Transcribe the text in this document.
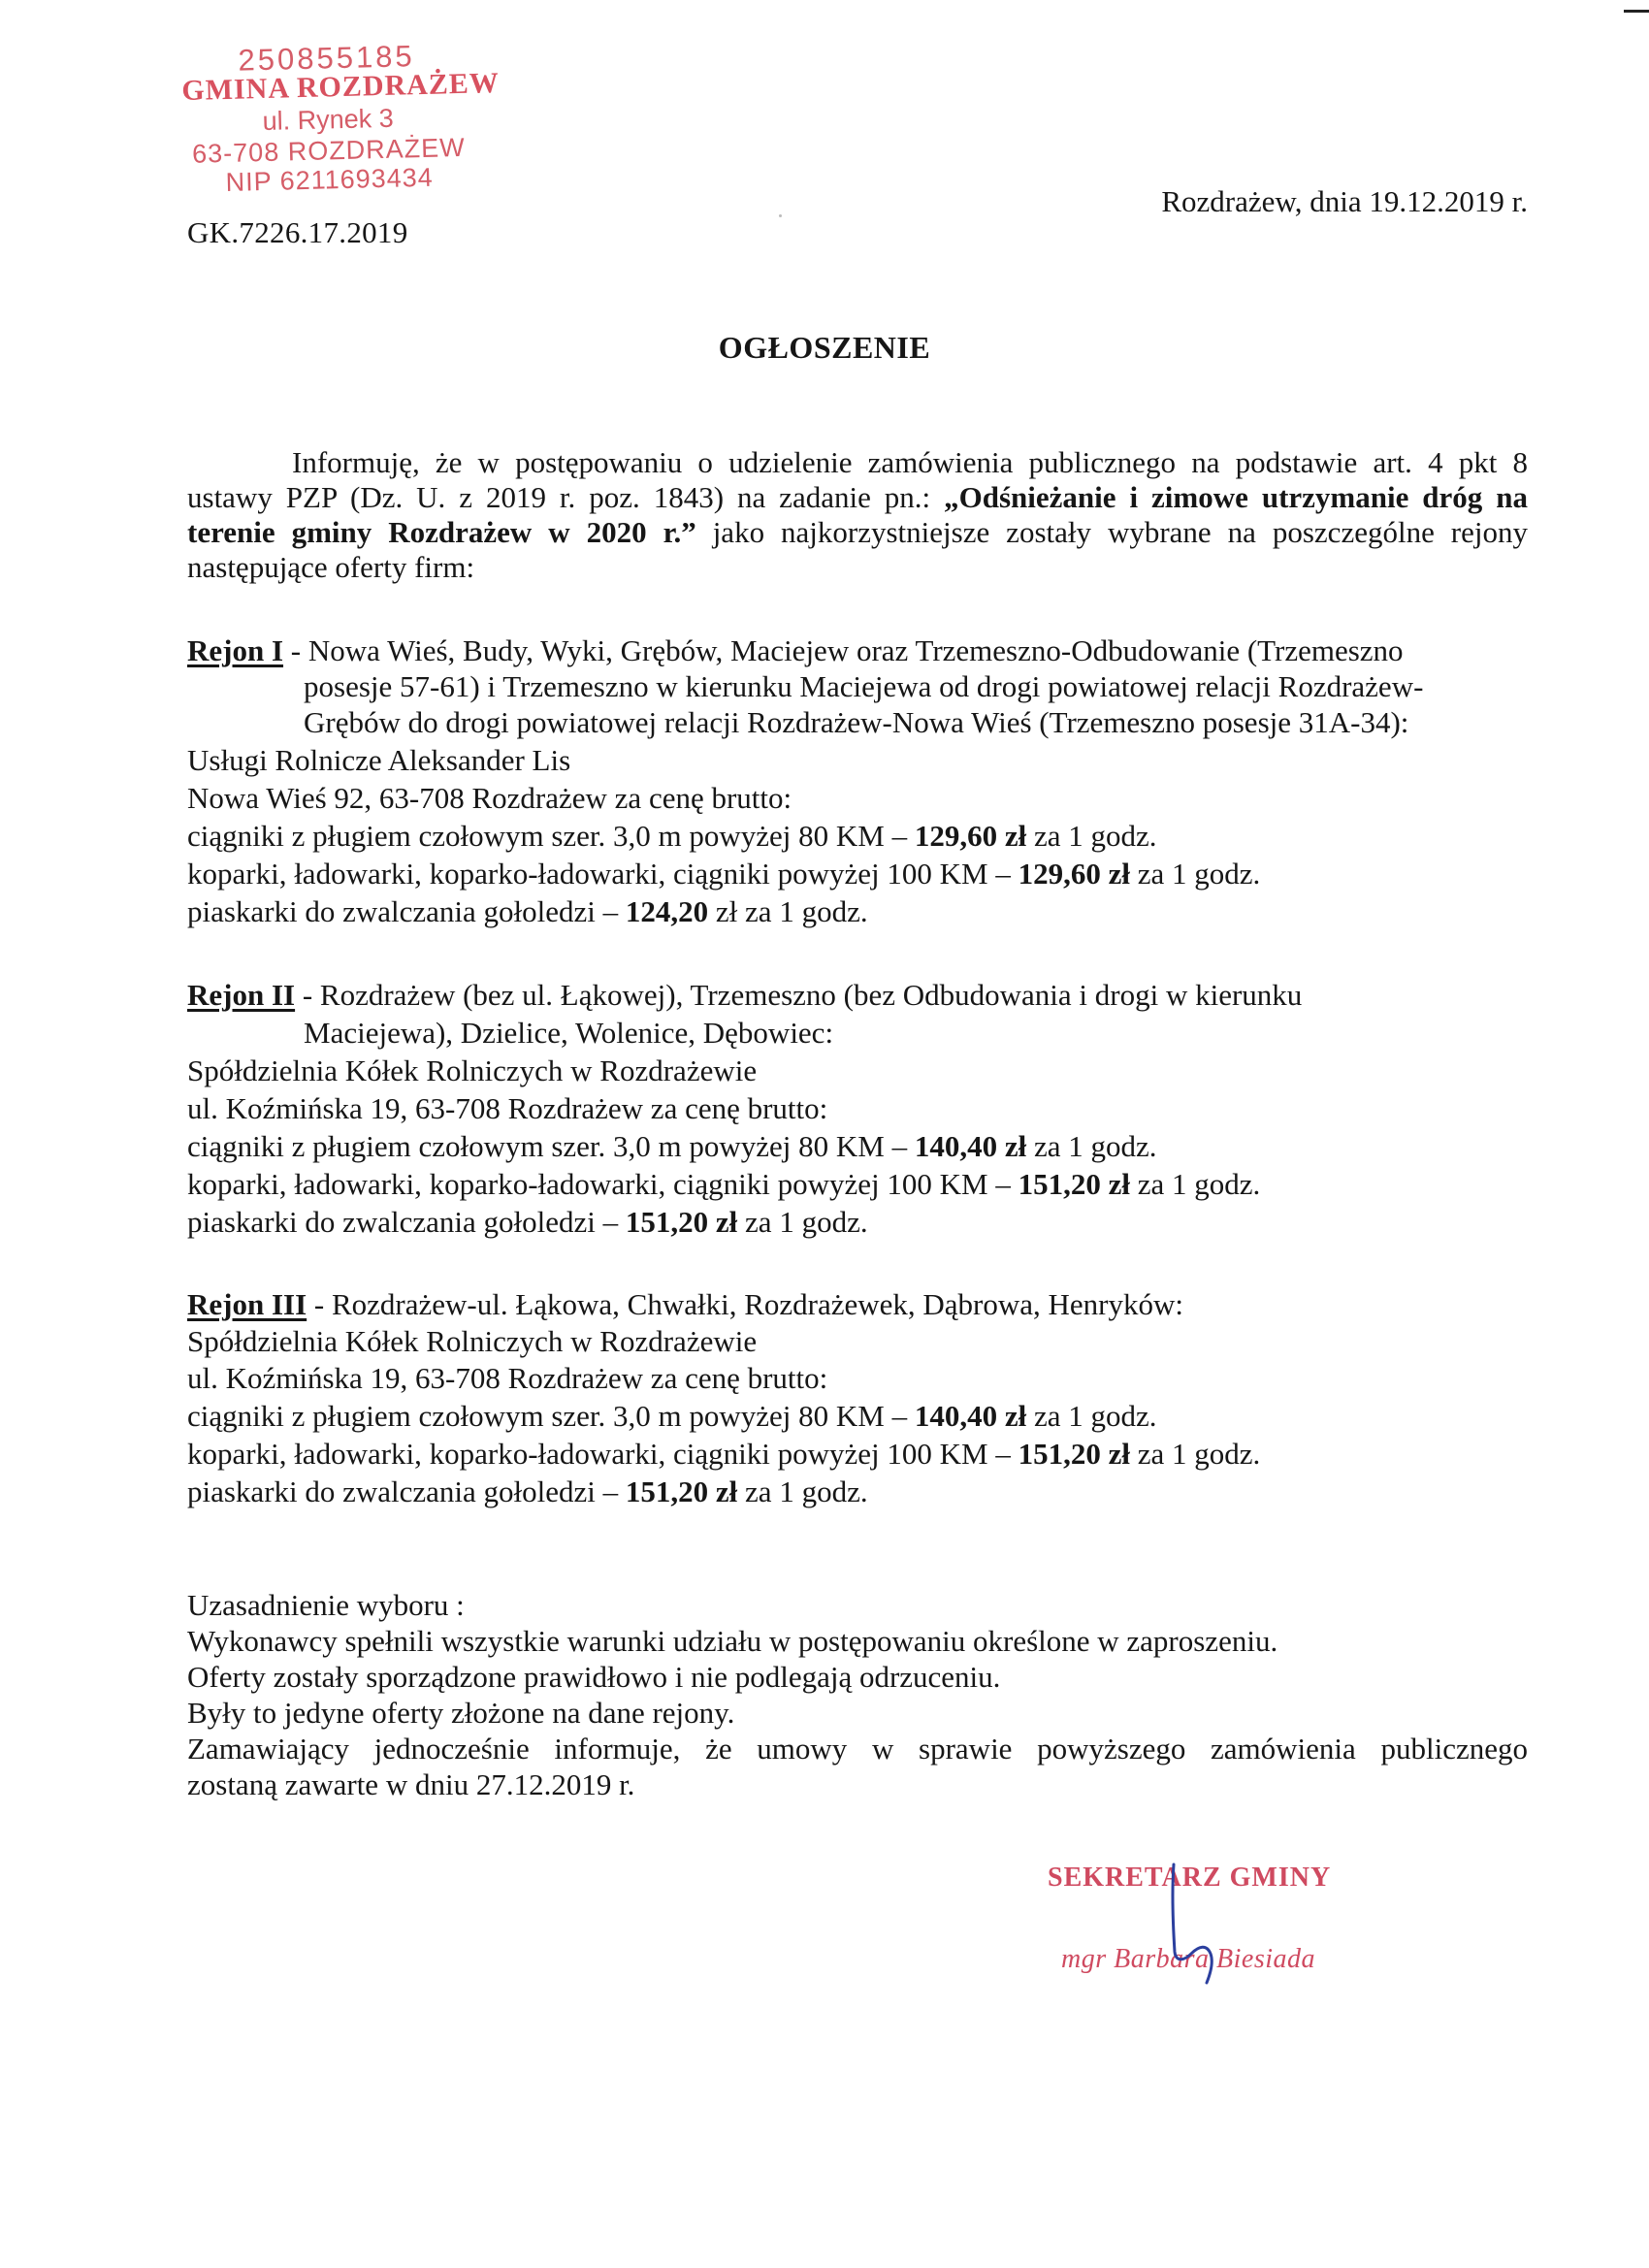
250855185
GMINA ROZDRAŻEW
ul. Rynek 3
63-708 ROZDRAŻEW
NIP 6211693434
Rozdrażew, dnia 19.12.2019 r.
GK.7226.17.2019
OGŁOSZENIE
Informuję, że w postępowaniu o udzielenie zamówienia publicznego na podstawie art. 4 pkt 8
ustawy PZP (Dz. U. z 2019 r. poz. 1843) na zadanie pn.: „Odśnieżanie i zimowe utrzymanie dróg na
terenie gminy Rozdrażew w 2020 r.” jako najkorzystniejsze zostały wybrane na poszczególne rejony
następujące oferty firm:
Rejon I - Nowa Wieś, Budy, Wyki, Grębów, Maciejew oraz Trzemeszno-Odbudowanie (Trzemeszno
posesje 57-61) i Trzemeszno w kierunku Maciejewa od drogi powiatowej relacji Rozdrażew-
Grębów do drogi powiatowej relacji Rozdrażew-Nowa Wieś (Trzemeszno posesje 31A-34):
Usługi Rolnicze Aleksander Lis
Nowa Wieś 92, 63-708 Rozdrażew za cenę brutto:
ciągniki z pługiem czołowym szer. 3,0 m powyżej 80 KM – 129,60 zł za 1 godz.
koparki, ładowarki, koparko-ładowarki, ciągniki powyżej 100 KM – 129,60 zł za 1 godz.
piaskarki do zwalczania gołoledzi – 124,20 zł za 1 godz.
Rejon II - Rozdrażew (bez ul. Łąkowej), Trzemeszno (bez Odbudowania i drogi w kierunku
Maciejewa), Dzielice, Wolenice, Dębowiec:
Spółdzielnia Kółek Rolniczych w Rozdrażewie
ul. Koźmińska 19, 63-708 Rozdrażew za cenę brutto:
ciągniki z pługiem czołowym szer. 3,0 m powyżej 80 KM – 140,40 zł za 1 godz.
koparki, ładowarki, koparko-ładowarki, ciągniki powyżej 100 KM – 151,20 zł za 1 godz.
piaskarki do zwalczania gołoledzi – 151,20 zł za 1 godz.
Rejon III - Rozdrażew-ul. Łąkowa, Chwałki, Rozdrażewek, Dąbrowa, Henryków:
Spółdzielnia Kółek Rolniczych w Rozdrażewie
ul. Koźmińska 19, 63-708 Rozdrażew za cenę brutto:
ciągniki z pługiem czołowym szer. 3,0 m powyżej 80 KM – 140,40 zł za 1 godz.
koparki, ładowarki, koparko-ładowarki, ciągniki powyżej 100 KM – 151,20 zł za 1 godz.
piaskarki do zwalczania gołoledzi – 151,20 zł za 1 godz.
Uzasadnienie wyboru :
Wykonawcy spełnili wszystkie warunki udziału w postępowaniu określone w zaproszeniu.
Oferty zostały sporządzone prawidłowo i nie podlegają odrzuceniu.
Były to jedyne oferty złożone na dane rejony.
Zamawiający jednocześnie informuje, że umowy w sprawie powyższego zamówienia publicznego
zostaną zawarte w dniu 27.12.2019 r.
SEKRETARZ GMINY
mgr Barbara Biesiada
